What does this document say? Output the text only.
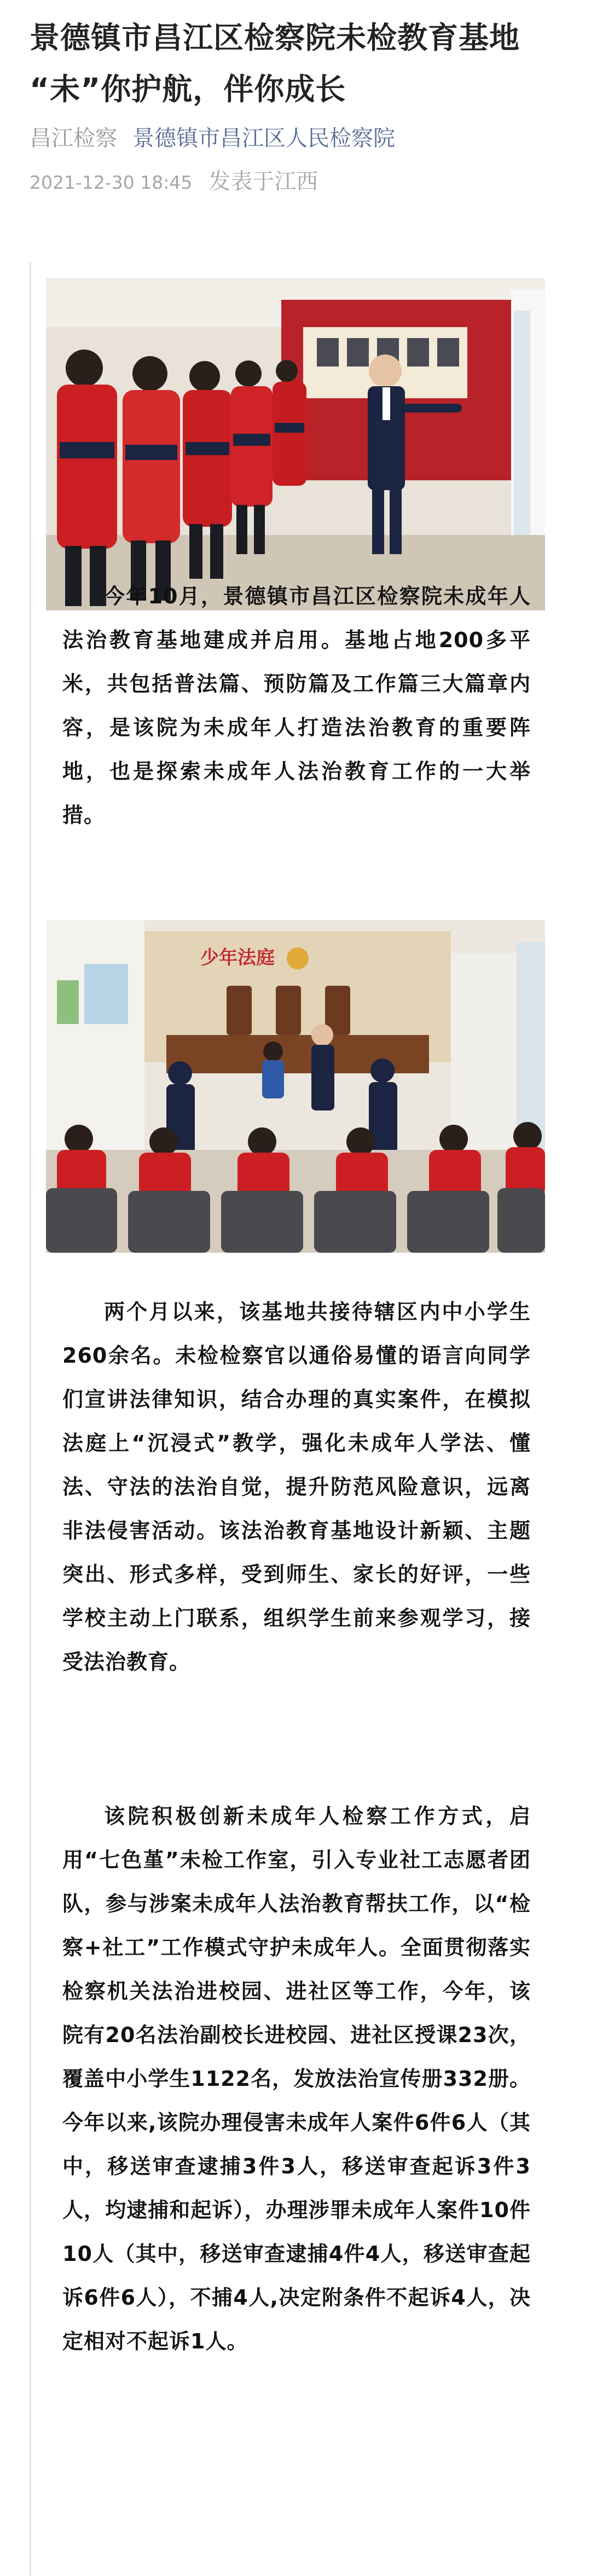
景德镇市昌江区检察院未检教育基地 “未”你护航，伴你成长
昌江检察 景德镇市昌江区人民检察院
2021-12-30 18:45 发表于江西

今年10月，景德镇市昌江区检察院未成年人法治教育基地建成并启用。基地占地200多平米，共包括普法篇、预防篇及工作篇三大篇章内容，是该院为未成年人打造法治教育的重要阵地，也是探索未成年人法治教育工作的一大举措。

少年法庭

两个月以来，该基地共接待辖区内中小学生260余名。未检检察官以通俗易懂的语言向同学们宣讲法律知识，结合办理的真实案件，在模拟法庭上“沉浸式”教学，强化未成年人学法、懂法、守法的法治自觉，提升防范风险意识，远离非法侵害活动。该法治教育基地设计新颖、主题突出、形式多样，受到师生、家长的好评，一些学校主动上门联系，组织学生前来参观学习，接受法治教育。

该院积极创新未成年人检察工作方式，启用“七色堇”未检工作室，引入专业社工志愿者团队，参与涉案未成年人法治教育帮扶工作，以“检察+社工”工作模式守护未成年人。全面贯彻落实检察机关法治进校园、进社区等工作，今年，该院有20名法治副校长进校园、进社区授课23次，覆盖中小学生1122名，发放法治宣传册332册。今年以来,该院办理侵害未成年人案件6件6人（其中，移送审查逮捕3件3人，移送审查起诉3件3人，均逮捕和起诉），办理涉罪未成年人案件10件10人（其中，移送审查逮捕4件4人，移送审查起诉6件6人），不捕4人,决定附条件不起诉4人，决定相对不起诉1人。
